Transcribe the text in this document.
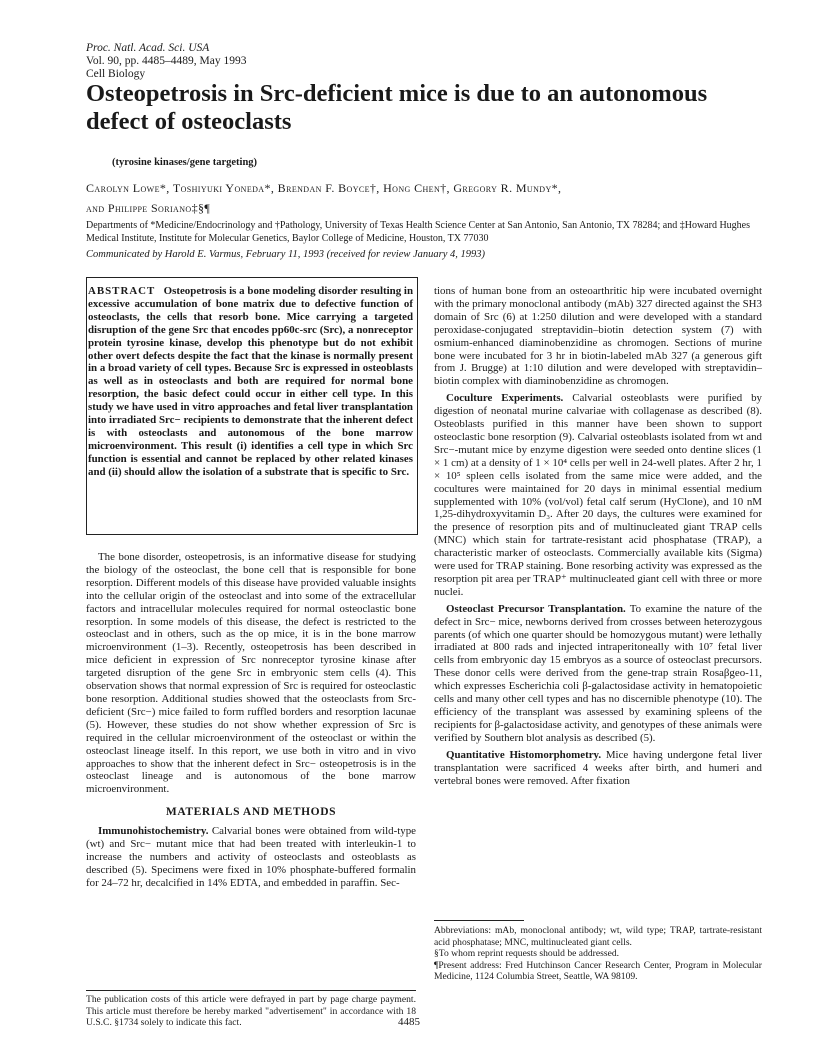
Proc. Natl. Acad. Sci. USA
Vol. 90, pp. 4485–4489, May 1993
Cell Biology
Osteopetrosis in Src-deficient mice is due to an autonomous defect of osteoclasts
(tyrosine kinases/gene targeting)
Carolyn Lowe*, Toshiyuki Yoneda*, Brendan F. Boyce†, Hong Chen†, Gregory R. Mundy*,
and Philippe Soriano‡§¶
Departments of *Medicine/Endocrinology and †Pathology, University of Texas Health Science Center at San Antonio, San Antonio, TX 78284; and ‡Howard Hughes Medical Institute, Institute for Molecular Genetics, Baylor College of Medicine, Houston, TX 77030
Communicated by Harold E. Varmus, February 11, 1993 (received for review January 4, 1993)

ABSTRACT Osteopetrosis is a bone modeling disorder resulting in excessive accumulation of bone matrix due to defective function of osteoclasts, the cells that resorb bone. Mice carrying a targeted disruption of the gene Src that encodes pp60c-src (Src), a nonreceptor protein tyrosine kinase, develop this phenotype but do not exhibit other overt defects despite the fact that the kinase is normally present in a broad variety of cell types. Because Src is expressed in osteoblasts as well as in osteoclasts and both are required for normal bone resorption, the basic defect could occur in either cell type. In this study we have used in vitro approaches and fetal liver transplantation into irradiated Src− recipients to demonstrate that the inherent defect is with osteoclasts and autonomous of the bone marrow microenvironment. This result (i) identifies a cell type in which Src function is essential and cannot be replaced by other related kinases and (ii) should allow the isolation of a substrate that is specific to Src.

The bone disorder, osteopetrosis, is an informative disease for studying the biology of the osteoclast, the bone cell that is responsible for bone resorption. Different models of this disease have provided valuable insights into the cellular origin of the osteoclast and into some of the extracellular factors and intracellular molecules required for normal osteoclastic bone resorption. In some models of this disease, the defect is restricted to the osteoclast and in others, such as the op mice, it is in the bone marrow microenvironment (1–3). Recently, osteopetrosis has been described in mice deficient in expression of Src nonreceptor tyrosine kinase after targeted disruption of the gene Src in embryonic stem cells (4). This observation shows that normal expression of Src is required for osteoclastic bone resorption. Additional studies showed that the osteoclasts from Src-deficient (Src−) mice failed to form ruffled borders and resorption lacunae (5). However, these studies do not show whether expression of Src is required in the cellular microenvironment of the osteoclast or within the osteoclast lineage itself. In this report, we use both in vitro and in vivo approaches to show that the inherent defect in Src− osteopetrosis is in the osteoclast lineage and is autonomous of the bone marrow microenvironment.

MATERIALS AND METHODS

Immunohistochemistry. Calvarial bones were obtained from wild-type (wt) and Src− mutant mice that had been treated with interleukin-1 to increase the numbers and activity of osteoclasts and osteoblasts as described (5). Specimens were fixed in 10% phosphate-buffered formalin for 24–72 hr, decalcified in 14% EDTA, and embedded in paraffin. Sec-

tions of human bone from an osteoarthritic hip were incubated overnight with the primary monoclonal antibody (mAb) 327 directed against the SH3 domain of Src (6) at 1:250 dilution and were developed with a standard peroxidase-conjugated streptavidin–biotin detection system (7) with osmium-enhanced diaminobenzidine as chromogen. Sections of murine bone were incubated for 3 hr in biotin-labeled mAb 327 (a generous gift from J. Brugge) at 1:10 dilution and were developed with streptavidin–biotin complex with diaminobenzidine as chromogen.

Coculture Experiments. Calvarial osteoblasts were purified by digestion of neonatal murine calvariae with collagenase as described (8). Osteoblasts purified in this manner have been shown to support osteoclastic bone resorption (9). Calvarial osteoblasts isolated from wt and Src−-mutant mice by enzyme digestion were seeded onto dentine slices (1 × 1 cm) at a density of 1 × 10⁴ cells per well in 24-well plates. After 2 hr, 1 × 10⁵ spleen cells isolated from the same mice were added, and the cocultures were maintained for 20 days in minimal essential medium supplemented with 10% (vol/vol) fetal calf serum (HyClone), and 10 nM 1,25-dihydroxyvitamin D₃. After 20 days, the cultures were examined for the presence of resorption pits and of multinucleated giant TRAP cells (MNC) which stain for tartrate-resistant acid phosphatase (TRAP), a characteristic marker of osteoclasts. Commercially available kits (Sigma) were used for TRAP staining. Bone resorbing activity was expressed as the resorption pit area per TRAP⁺ multinucleated giant cell with three or more nuclei.

Osteoclast Precursor Transplantation. To examine the nature of the defect in Src− mice, newborns derived from crosses between heterozygous parents (of which one quarter should be homozygous mutant) were lethally irradiated at 800 rads and injected intraperitoneally with 10⁷ fetal liver cells from embryonic day 15 embryos as a source of osteoclast precursors. These donor cells were derived from the gene-trap strain Rosaβgeo-11, which expresses Escherichia coli β-galactosidase activity in hematopoietic cells and many other cell types and has no discernible phenotype (10). The efficiency of the transplant was assessed by examining spleens of the recipients for β-galactosidase activity, and genotypes of these animals were verified by Southern blot analysis as described (5).

Quantitative Histomorphometry. Mice having undergone fetal liver transplantation were sacrificed 4 weeks after birth, and humeri and vertebral bones were removed. After fixation

Abbreviations: mAb, monoclonal antibody; wt, wild type; TRAP, tartrate-resistant acid phosphatase; MNC, multinucleated giant cells.
§To whom reprint requests should be addressed.
¶Present address: Fred Hutchinson Cancer Research Center, Program in Molecular Medicine, 1124 Columbia Street, Seattle, WA 98109.
The publication costs of this article were defrayed in part by page charge payment. This article must therefore be hereby marked "advertisement" in accordance with 18 U.S.C. §1734 solely to indicate this fact.	4485
